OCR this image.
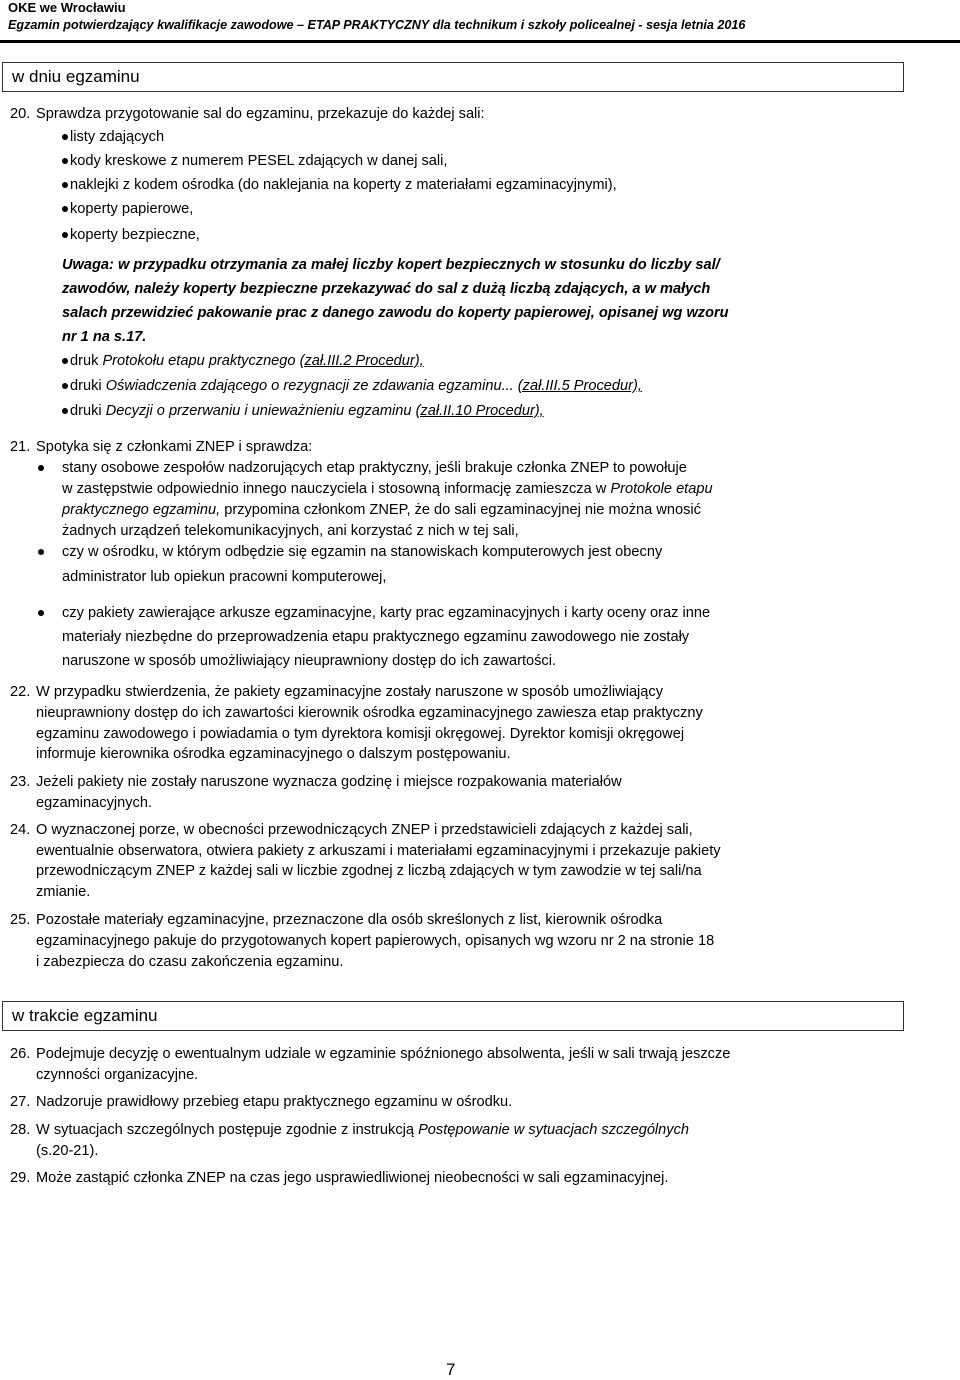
OKE we Wrocławiu
Egzamin potwierdzający kwalifikacje zawodowe – ETAP PRAKTYCZNY dla technikum i szkoły policealnej - sesja letnia 2016
w dniu egzaminu
20. Sprawdza przygotowanie sal do egzaminu, przekazuje do każdej sali:
listy zdających
kody kreskowe z numerem PESEL zdających w danej sali,
naklejki z kodem ośrodka (do naklejania na koperty z materiałami egzaminacyjnymi),
koperty papierowe,
koperty bezpieczne,
Uwaga: w przypadku otrzymania za małej liczby kopert bezpiecznych w stosunku do liczby sal/
zawodów, należy koperty bezpieczne przekazywać do sal z dużą liczbą zdających, a w małych
salach przewidzieć pakowanie prac z danego zawodu do koperty papierowej, opisanej wg wzoru
nr 1 na s.17.
druk Protokołu etapu praktycznego (zał.III.2 Procedur),
druki Oświadczenia zdającego o rezygnacji ze zdawania egzaminu... (zał.III.5 Procedur),
druki Decyzji o przerwaniu i unieważnieniu egzaminu (zał.II.10 Procedur),
21. Spotyka się z członkami ZNEP i sprawdza:
stany osobowe zespołów nadzorujących etap praktyczny, jeśli brakuje członka ZNEP to powołuje
w zastępstwie odpowiednio innego nauczyciela i stosowną informację zamieszcza w Protokole etapu
praktycznego egzaminu, przypomina członkom ZNEP, że do sali egzaminacyjnej nie można wnosić
żadnych urządzeń telekomunikacyjnych, ani korzystać z nich w tej sali,
czy w ośrodku, w którym odbędzie się egzamin na stanowiskach komputerowych jest obecny
administrator lub opiekun pracowni komputerowej,
czy pakiety zawierające arkusze egzaminacyjne, karty prac egzaminacyjnych i karty oceny oraz inne
materiały niezbędne do przeprowadzenia etapu praktycznego egzaminu zawodowego nie zostały
naruszone w sposób umożliwiający nieuprawniony dostęp do ich zawartości.
22. W przypadku stwierdzenia, że pakiety egzaminacyjne zostały naruszone w sposób umożliwiający
nieuprawniony dostęp do ich zawartości kierownik ośrodka egzaminacyjnego zawiesza etap praktyczny
egzaminu zawodowego i powiadamia o tym dyrektora komisji okręgowej. Dyrektor komisji okręgowej
informuje kierownika ośrodka egzaminacyjnego o dalszym postępowaniu.
23. Jeżeli pakiety nie zostały naruszone wyznacza godzinę i miejsce rozpakowania materiałów
egzaminacyjnych.
24. O wyznaczonej porze, w obecności przewodniczących ZNEP i przedstawicieli zdających z każdej sali,
ewentualnie obserwatora, otwiera pakiety z arkuszami i materiałami egzaminacyjnymi i przekazuje pakiety
przewodniczącym ZNEP z każdej sali w liczbie zgodnej z liczbą zdających w tym zawodzie w tej sali/na
zmianie.
25. Pozostałe materiały egzaminacyjne, przeznaczone dla osób skreślonych z list, kierownik ośrodka
egzaminacyjnego pakuje do przygotowanych kopert papierowych, opisanych wg wzoru nr 2 na stronie 18
i zabezpiecza do czasu zakończenia egzaminu.
w trakcie egzaminu
26. Podejmuje decyzję o ewentualnym udziale w egzaminie spóźnionego absolwenta, jeśli w sali trwają jeszcze
czynności organizacyjne.
27. Nadzoruje prawidłowy przebieg etapu praktycznego egzaminu w ośrodku.
28. W sytuacjach szczególnych postępuje zgodnie z instrukcją Postępowanie w sytuacjach szczególnych
(s.20-21).
29. Może zastąpić członka ZNEP na czas jego usprawiedliwionej nieobecności w sali egzaminacyjnej.
7
